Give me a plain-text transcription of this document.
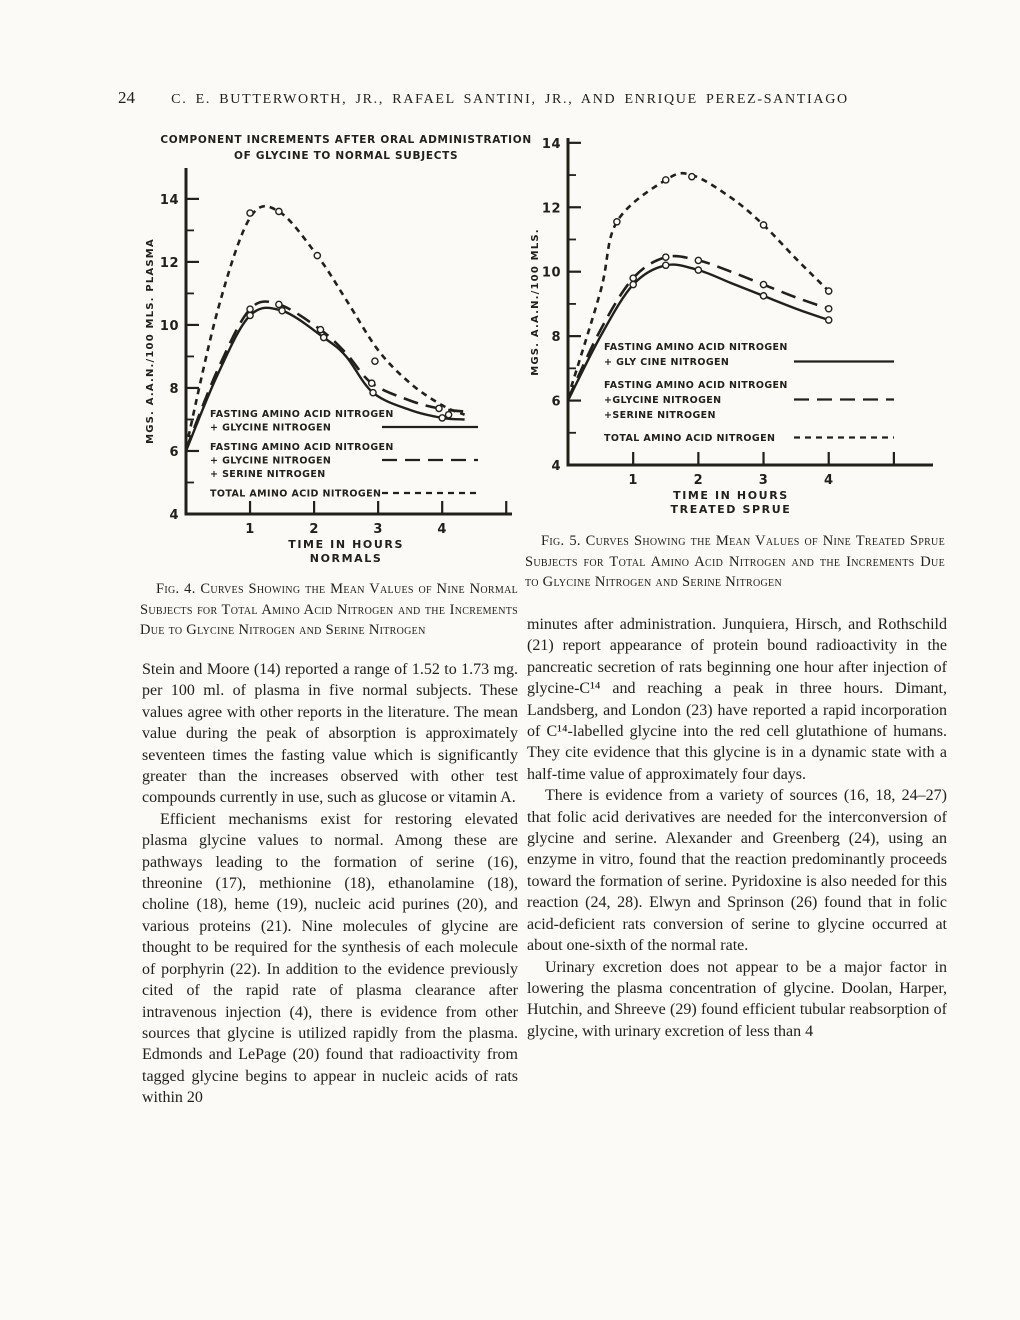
24	C. E. BUTTERWORTH, JR., RAFAEL SANTINI, JR., AND ENRIQUE PEREZ-SANTIAGO
4
6
8
10
12
14
1	2	3	4
COMPONENT INCREMENTS AFTER ORAL ADMINISTRATION
OF GLYCINE TO NORMAL SUBJECTS
MGS. A.A.N./100 MLS. PLASMA
TIME IN HOURS
NORMALS
FASTING AMINO ACID NITROGEN
+ GLYCINE NITROGEN
FASTING AMINO ACID NITROGEN
+ GLYCINE NITROGEN
+ SERINE NITROGEN
TOTAL AMINO ACID NITROGEN

Fig. 4. Curves Showing the Mean Values of Nine Normal Subjects for Total Amino Acid Nitrogen and the Increments Due to Glycine Nitrogen and Serine Nitrogen

4
6
8
10
12
14
1	2	3	4
MGS. A.A.N./100 MLS.
TIME IN HOURS
TREATED SPRUE
FASTING AMINO ACID NITROGEN
+ GLY CINE NITROGEN
FASTING AMINO ACID NITROGEN
+GLYCINE NITROGEN
+SERINE NITROGEN
TOTAL AMINO ACID NITROGEN

Fig. 5. Curves Showing the Mean Values of Nine Treated Sprue Subjects for Total Amino Acid Nitrogen and the Increments Due to Glycine Nitrogen and Serine Nitrogen

Stein and Moore (14) reported a range of 1.52 to 1.73 mg. per 100 ml. of plasma in five normal subjects. These values agree with other reports in the literature. The mean value during the peak of absorption is approximately seventeen times the fasting value which is significantly greater than the increases observed with other test compounds currently in use, such as glucose or vitamin A.

Efficient mechanisms exist for restoring elevated plasma glycine values to normal. Among these are pathways leading to the formation of serine (16), threonine (17), methionine (18), ethanolamine (18), choline (18), heme (19), nucleic acid purines (20), and various proteins (21). Nine molecules of glycine are thought to be required for the synthesis of each molecule of porphyrin (22). In addition to the evidence previously cited of the rapid rate of plasma clearance after intravenous injection (4), there is evidence from other sources that glycine is utilized rapidly from the plasma. Edmonds and LePage (20) found that radioactivity from tagged glycine begins to appear in nucleic acids of rats within 20

minutes after administration. Junquiera, Hirsch, and Rothschild (21) report appearance of protein bound radioactivity in the pancreatic secretion of rats beginning one hour after injection of glycine-C¹⁴ and reaching a peak in three hours. Dimant, Landsberg, and London (23) have reported a rapid incorporation of C¹⁴-labelled glycine into the red cell glutathione of humans. They cite evidence that this glycine is in a dynamic state with a half-time value of approximately four days.

There is evidence from a variety of sources (16, 18, 24–27) that folic acid derivatives are needed for the interconversion of glycine and serine. Alexander and Greenberg (24), using an enzyme in vitro, found that the reaction predominantly proceeds toward the formation of serine. Pyridoxine is also needed for this reaction (24, 28). Elwyn and Sprinson (26) found that in folic acid-deficient rats conversion of serine to glycine occurred at about one-sixth of the normal rate.

Urinary excretion does not appear to be a major factor in lowering the plasma concentration of glycine. Doolan, Harper, Hutchin, and Shreeve (29) found efficient tubular reabsorption of glycine, with urinary excretion of less than 4
